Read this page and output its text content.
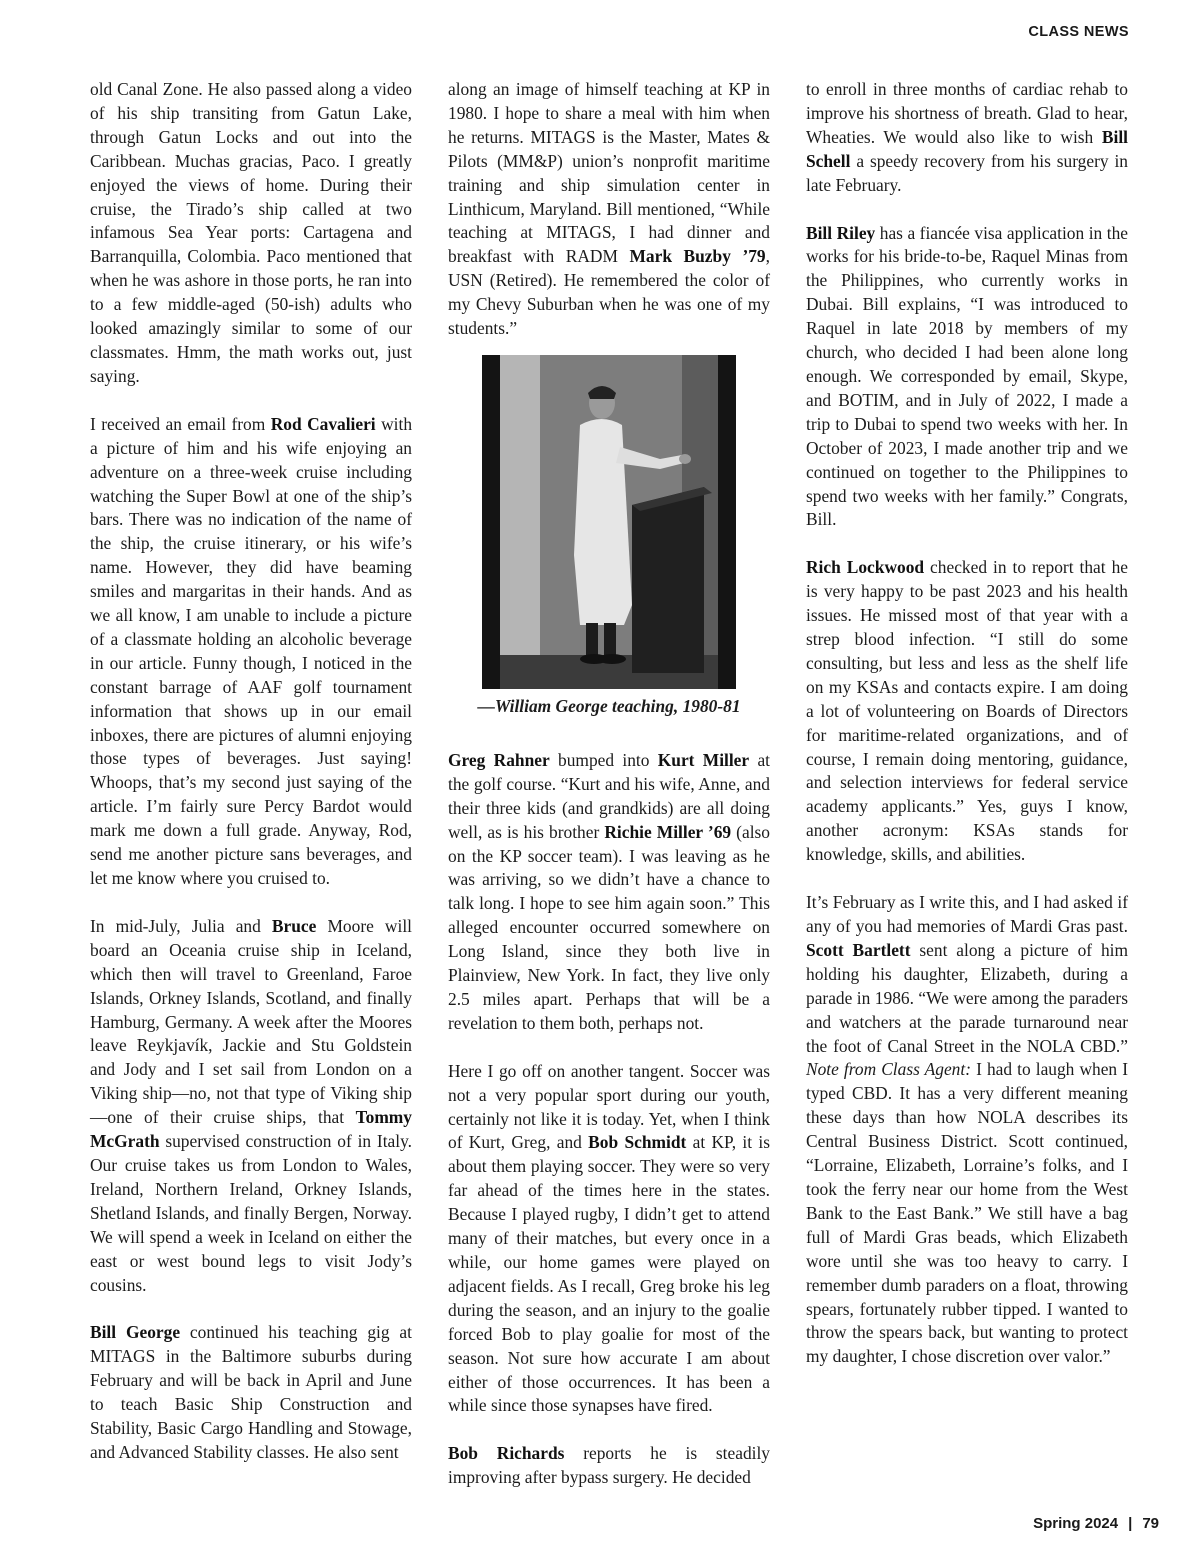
CLASS NEWS

old Canal Zone. He also passed along a video of his ship transiting from Gatun Lake, through Gatun Locks and out into the Caribbean. Muchas gracias, Paco. I greatly enjoyed the views of home. During their cruise, the Tirado’s ship called at two infamous Sea Year ports: Cartagena and Barranquilla, Colombia. Paco mentioned that when he was ashore in those ports, he ran into to a few middle-aged (50-ish) adults who looked amazingly similar to some of our classmates. Hmm, the math works out, just saying.

I received an email from Rod Cavalieri with a picture of him and his wife enjoying an adventure on a three-week cruise including watching the Super Bowl at one of the ship’s bars. There was no indication of the name of the ship, the cruise itinerary, or his wife’s name. However, they did have beaming smiles and margaritas in their hands. And as we all know, I am unable to include a picture of a classmate holding an alcoholic beverage in our article. Funny though, I noticed in the constant barrage of AAF golf tournament information that shows up in our email inboxes, there are pictures of alumni enjoying those types of beverages. Just saying! Whoops, that’s my second just saying of the article. I’m fairly sure Percy Bardot would mark me down a full grade. Anyway, Rod, send me another picture sans beverages, and let me know where you cruised to.

In mid-July, Julia and Bruce Moore will board an Oceania cruise ship in Iceland, which then will travel to Greenland, Faroe Islands, Orkney Islands, Scotland, and finally Hamburg, Germany. A week after the Moores leave Reykjavík, Jackie and Stu Goldstein and Jody and I set sail from London on a Viking ship—no, not that type of Viking ship—one of their cruise ships, that Tommy McGrath supervised construction of in Italy. Our cruise takes us from London to Wales, Ireland, Northern Ireland, Orkney Islands, Shetland Islands, and finally Bergen, Norway. We will spend a week in Iceland on either the east or west bound legs to visit Jody’s cousins.

Bill George continued his teaching gig at MITAGS in the Baltimore suburbs during February and will be back in April and June to teach Basic Ship Construction and Stability, Basic Cargo Handling and Stowage, and Advanced Stability classes. He also sent

along an image of himself teaching at KP in 1980. I hope to share a meal with him when he returns. MITAGS is the Master, Mates & Pilots (MM&P) union’s nonprofit maritime training and ship simulation center in Linthicum, Maryland. Bill mentioned, “While teaching at MITAGS, I had dinner and breakfast with RADM Mark Buzby ’79, USN (Retired). He remembered the color of my Chevy Suburban when he was one of my students.”

—William George teaching, 1980-81

Greg Rahner bumped into Kurt Miller at the golf course. “Kurt and his wife, Anne, and their three kids (and grandkids) are all doing well, as is his brother Richie Miller ’69 (also on the KP soccer team). I was leaving as he was arriving, so we didn’t have a chance to talk long. I hope to see him again soon.” This alleged encounter occurred somewhere on Long Island, since they both live in Plainview, New York. In fact, they live only 2.5 miles apart. Perhaps that will be a revelation to them both, perhaps not.

Here I go off on another tangent. Soccer was not a very popular sport during our youth, certainly not like it is today. Yet, when I think of Kurt, Greg, and Bob Schmidt at KP, it is about them playing soccer. They were so very far ahead of the times here in the states. Because I played rugby, I didn’t get to attend many of their matches, but every once in a while, our home games were played on adjacent fields. As I recall, Greg broke his leg during the season, and an injury to the goalie forced Bob to play goalie for most of the season. Not sure how accurate I am about either of those occurrences. It has been a while since those synapses have fired.

Bob Richards reports he is steadily improving after bypass surgery. He decided

to enroll in three months of cardiac rehab to improve his shortness of breath. Glad to hear, Wheaties. We would also like to wish Bill Schell a speedy recovery from his surgery in late February.

Bill Riley has a fiancée visa application in the works for his bride-to-be, Raquel Minas from the Philippines, who currently works in Dubai. Bill explains, “I was introduced to Raquel in late 2018 by members of my church, who decided I had been alone long enough. We corresponded by email, Skype, and BOTIM, and in July of 2022, I made a trip to Dubai to spend two weeks with her. In October of 2023, I made another trip and we continued on together to the Philippines to spend two weeks with her family.” Congrats, Bill.

Rich Lockwood checked in to report that he is very happy to be past 2023 and his health issues. He missed most of that year with a strep blood infection. “I still do some consulting, but less and less as the shelf life on my KSAs and contacts expire. I am doing a lot of volunteering on Boards of Directors for maritime-related organizations, and of course, I remain doing mentoring, guidance, and selection interviews for federal service academy applicants.” Yes, guys I know, another acronym: KSAs stands for knowledge, skills, and abilities.

It’s February as I write this, and I had asked if any of you had memories of Mardi Gras past. Scott Bartlett sent along a picture of him holding his daughter, Elizabeth, during a parade in 1986. “We were among the paraders and watchers at the parade turnaround near the foot of Canal Street in the NOLA CBD.” Note from Class Agent: I had to laugh when I typed CBD. It has a very different meaning these days than how NOLA describes its Central Business District. Scott continued, “Lorraine, Elizabeth, Lorraine’s folks, and I took the ferry near our home from the West Bank to the East Bank.” We still have a bag full of Mardi Gras beads, which Elizabeth wore until she was too heavy to carry. I remember dumb paraders on a float, throwing spears, fortunately rubber tipped. I wanted to throw the spears back, but wanting to protect my daughter, I chose discretion over valor.”

Spring 2024 | 79
